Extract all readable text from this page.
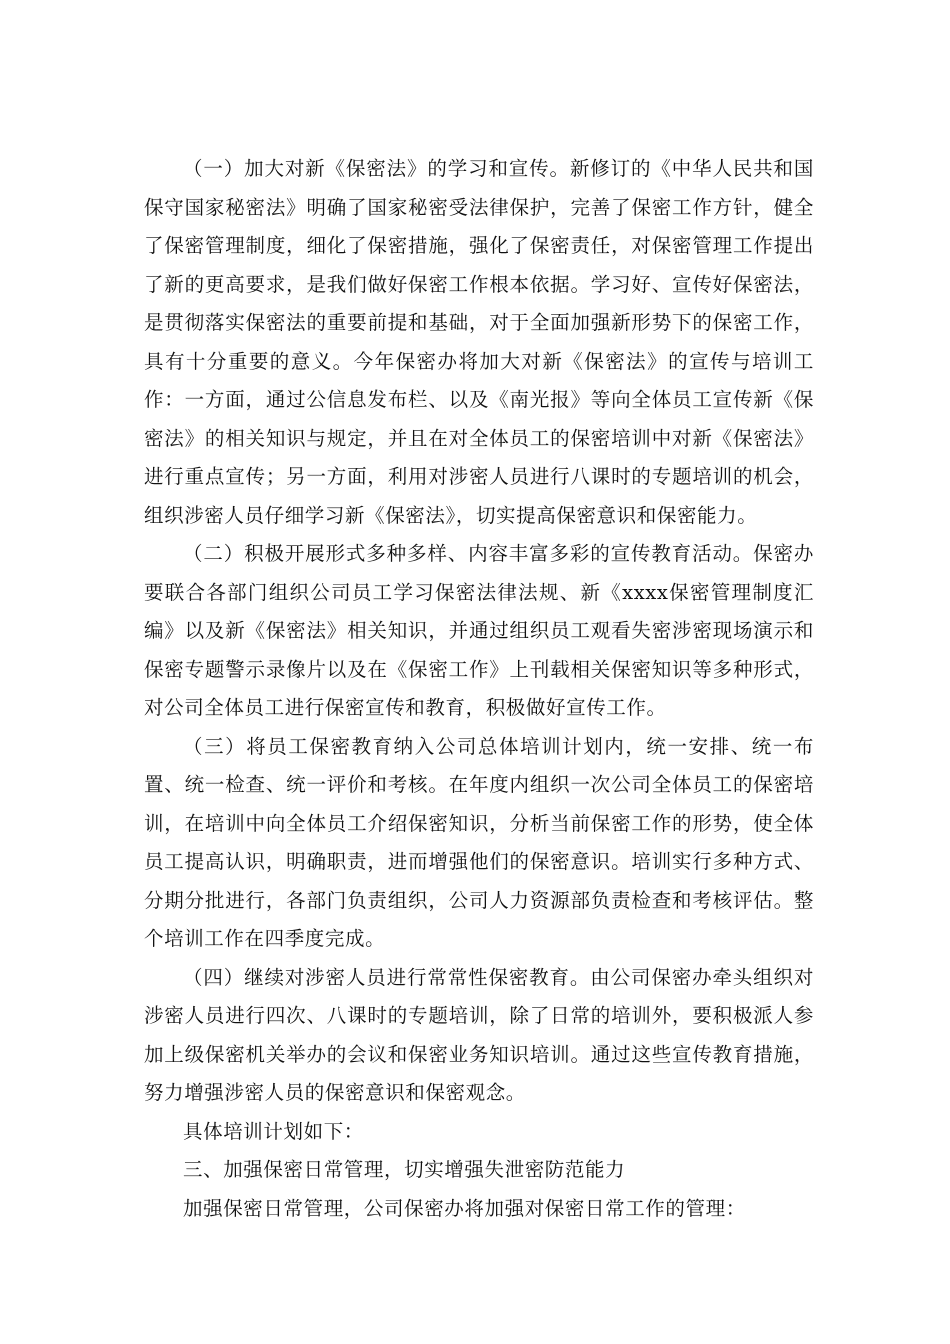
（一）加大对新《保密法》的学习和宣传。新修订的《中华人民共和国保守国家秘密法》明确了国家秘密受法律保护，完善了保密工作方针，健全了保密管理制度，细化了保密措施，强化了保密责任，对保密管理工作提出了新的更高要求，是我们做好保密工作根本依据。学习好、宣传好保密法，是贯彻落实保密法的重要前提和基础，对于全面加强新形势下的保密工作，具有十分重要的意义。今年保密办将加大对新《保密法》的宣传与培训工作：一方面，通过公信息发布栏、以及《南光报》等向全体员工宣传新《保密法》的相关知识与规定，并且在对全体员工的保密培训中对新《保密法》进行重点宣传；另一方面，利用对涉密人员进行八课时的专题培训的机会，组织涉密人员仔细学习新《保密法》，切实提高保密意识和保密能力。

（二）积极开展形式多种多样、内容丰富多彩的宣传教育活动。保密办要联合各部门组织公司员工学习保密法律法规、新《xxxx保密管理制度汇编》以及新《保密法》相关知识，并通过组织员工观看失密涉密现场演示和保密专题警示录像片以及在《保密工作》上刊载相关保密知识等多种形式，对公司全体员工进行保密宣传和教育，积极做好宣传工作。

（三）将员工保密教育纳入公司总体培训计划内，统一安排、统一布置、统一检查、统一评价和考核。在年度内组织一次公司全体员工的保密培训，在培训中向全体员工介绍保密知识，分析当前保密工作的形势，使全体员工提高认识，明确职责，进而增强他们的保密意识。培训实行多种方式、分期分批进行，各部门负责组织，公司人力资源部负责检查和考核评估。整个培训工作在四季度完成。

（四）继续对涉密人员进行常常性保密教育。由公司保密办牵头组织对涉密人员进行四次、八课时的专题培训，除了日常的培训外，要积极派人参加上级保密机关举办的会议和保密业务知识培训。通过这些宣传教育措施，努力增强涉密人员的保密意识和保密观念。

具体培训计划如下：

三、加强保密日常管理，切实增强失泄密防范能力

加强保密日常管理，公司保密办将加强对保密日常工作的管理：
